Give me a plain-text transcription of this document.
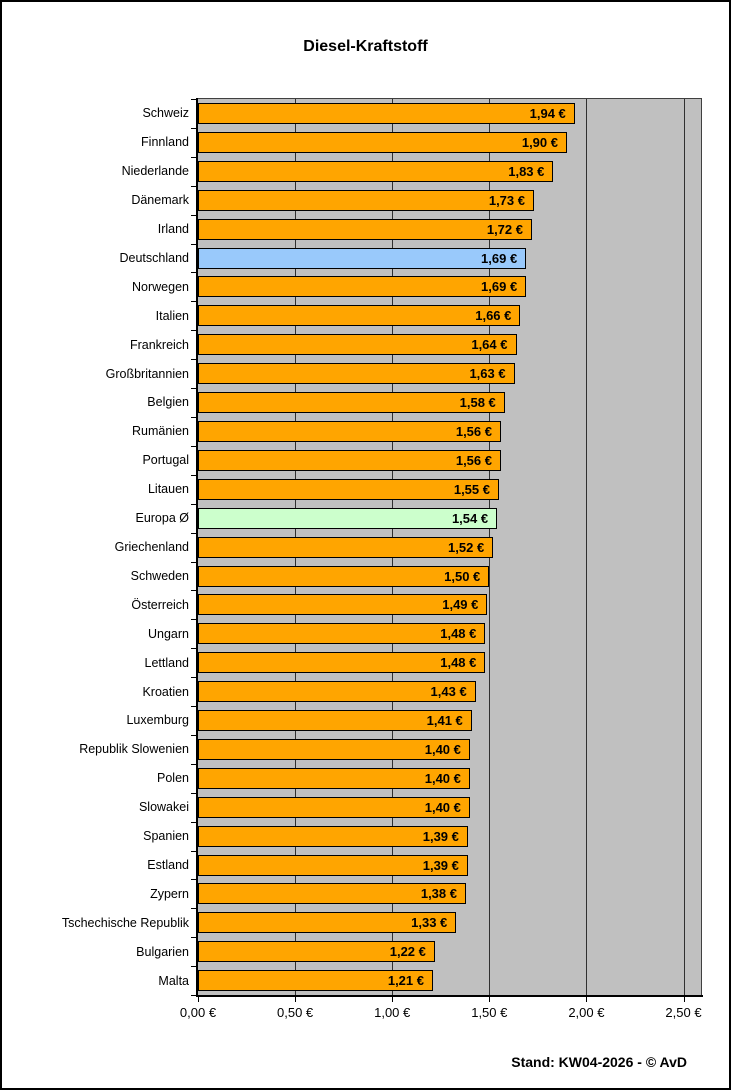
Diesel-Kraftstoff
1,94 €
1,90 €
1,83 €
1,73 €
1,72 €
1,69 €
1,69 €
1,66 €
1,64 €
1,63 €
1,58 €
1,56 €
1,56 €
1,55 €
1,54 €
1,52 €
1,50 €
1,49 €
1,48 €
1,48 €
1,43 €
1,41 €
1,40 €
1,40 €
1,40 €
1,39 €
1,39 €
1,38 €
1,33 €
1,22 €
1,21 €
Schweiz
Finnland
Niederlande
Dänemark
Irland
Deutschland
Norwegen
Italien
Frankreich
Großbritannien
Belgien
Rumänien
Portugal
Litauen
Europa Ø
Griechenland
Schweden
Österreich
Ungarn
Lettland
Kroatien
Luxemburg
Republik Slowenien
Polen
Slowakei
Spanien
Estland
Zypern
Tschechische Republik
Bulgarien
Malta
0,00 €	0,50 €	1,00 €	1,50 €	2,00 €	2,50 €
Stand: KW04-2026 - © AvD
